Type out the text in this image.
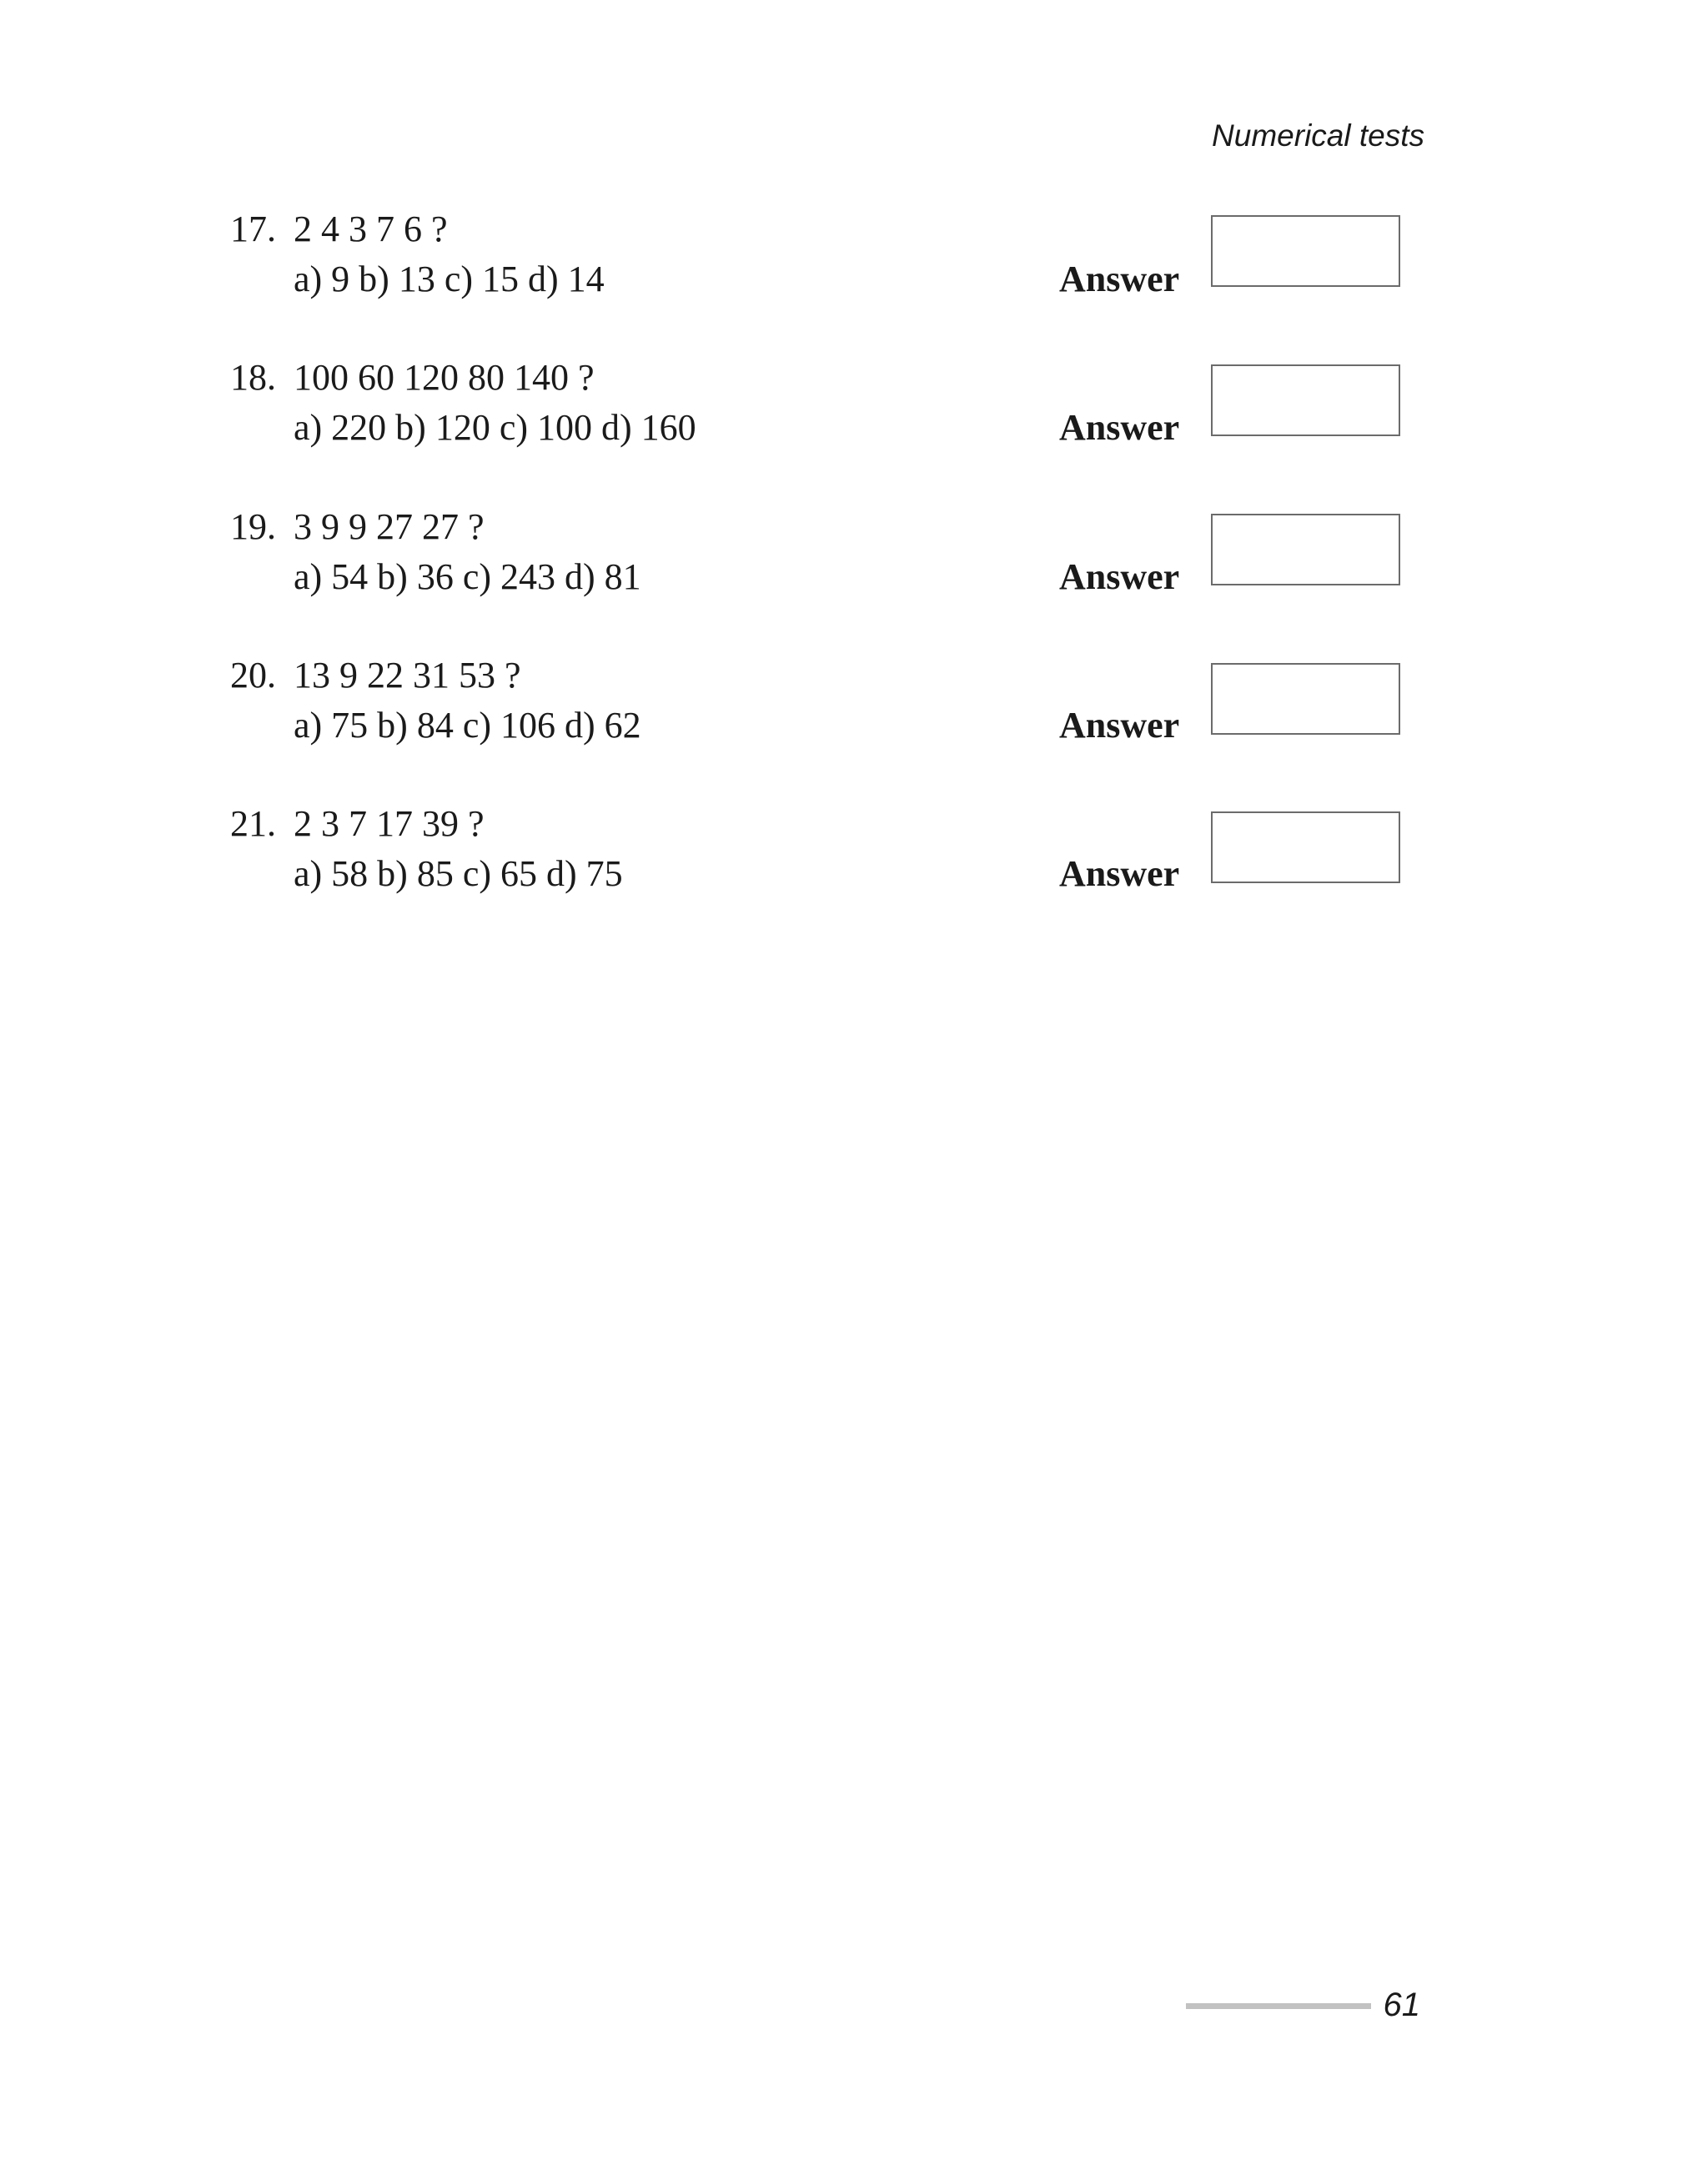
Numerical tests
17. 2 4 3 7 6 ?
a) 9 b) 13 c) 15 d) 14	Answer
18. 100 60 120 80 140 ?
a) 220 b) 120 c) 100 d) 160	Answer
19. 3 9 9 27 27 ?
a) 54 b) 36 c) 243 d) 81	Answer
20. 13 9 22 31 53 ?
a) 75 b) 84 c) 106 d) 62	Answer
21. 2 3 7 17 39 ?
a) 58 b) 85 c) 65 d) 75	Answer
61
